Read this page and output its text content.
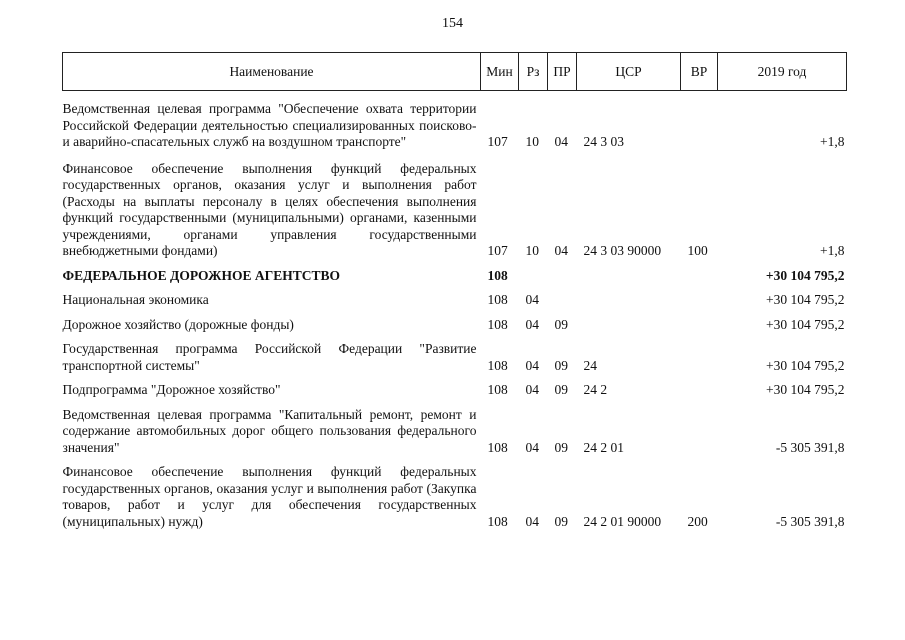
154
Наименование	Мин	Рз	ПР	ЦСР	ВР	2019 год

Ведомственная целевая программа "Обеспечение охвата территории Российской Федерации деятельностью специализированных поисково- и аварийно-спасательных служб на воздушном транспорте"	107	10	04	24 3 03		+1,8

Финансовое обеспечение выполнения функций федеральных государственных органов, оказания услуг и выполнения работ (Расходы на выплаты персоналу в целях обеспечения выполнения функций государственными (муниципальными) органами, казенными учреждениями, органами управления государственными внебюджетными фондами)	107	10	04	24 3 03 90000	100	+1,8

ФЕДЕРАЛЬНОЕ ДОРОЖНОЕ АГЕНТСТВО	108					+30 104 795,2

Национальная экономика	108	04				+30 104 795,2

Дорожное хозяйство (дорожные фонды)	108	04	09			+30 104 795,2

Государственная программа Российской Федерации "Развитие транспортной системы"	108	04	09	24		+30 104 795,2

Подпрограмма "Дорожное хозяйство"	108	04	09	24 2		+30 104 795,2

Ведомственная целевая программа "Капитальный ремонт, ремонт и содержание автомобильных дорог общего пользования федерального значения"	108	04	09	24 2 01		-5 305 391,8

Финансовое обеспечение выполнения функций федеральных государственных органов, оказания услуг и выполнения работ (Закупка товаров, работ и услуг для обеспечения государственных (муниципальных) нужд)	108	04	09	24 2 01 90000	200	-5 305 391,8
